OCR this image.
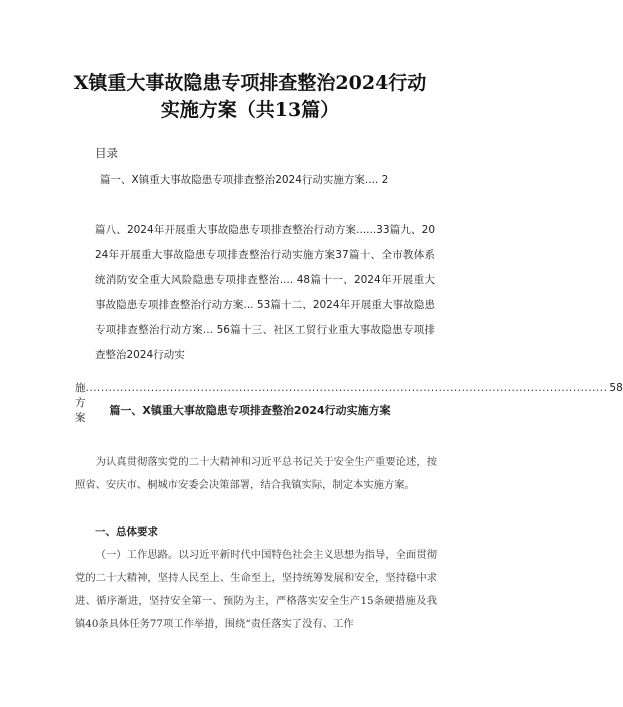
X镇重大事故隐患专项排查整治2024行动
实施方案（共13篇）
目录
篇一、X镇重大事故隐患专项排查整治2024行动实施方案.... 2
篇八、2024年开展重大事故隐患专项排查整治行动方案......33篇九、2024年开展重大事故隐患专项排查整治行动实施方案37篇十、全市教体系统消防安全重大风险隐患专项排查整治.... 48篇十一、2024年开展重大事故隐患专项排查整治行动方案... 53篇十二、2024年开展重大事故隐患专项排查整治行动方案... 56篇十三、社区工贸行业重大事故隐患专项排查整治2024行动实
施方案
........................................................................................................................................ 58
篇一、X镇重大事故隐患专项排查整治2024行动实施方案
为认真贯彻落实党的二十大精神和习近平总书记关于安全生产重要论述，按照省、安庆市、桐城市安委会决策部署，结合我镇实际，制定本实施方案。
一、总体要求
（一）工作思路。以习近平新时代中国特色社会主义思想为指导，全面贯彻党的二十大精神，坚持人民至上、生命至上，坚持统筹发展和安全，坚持稳中求进、循序渐进，坚持安全第一、预防为主，严格落实安全生产15条硬措施及我镇40条具体任务77项工作举措，围绕“责任落实了没有、工作
